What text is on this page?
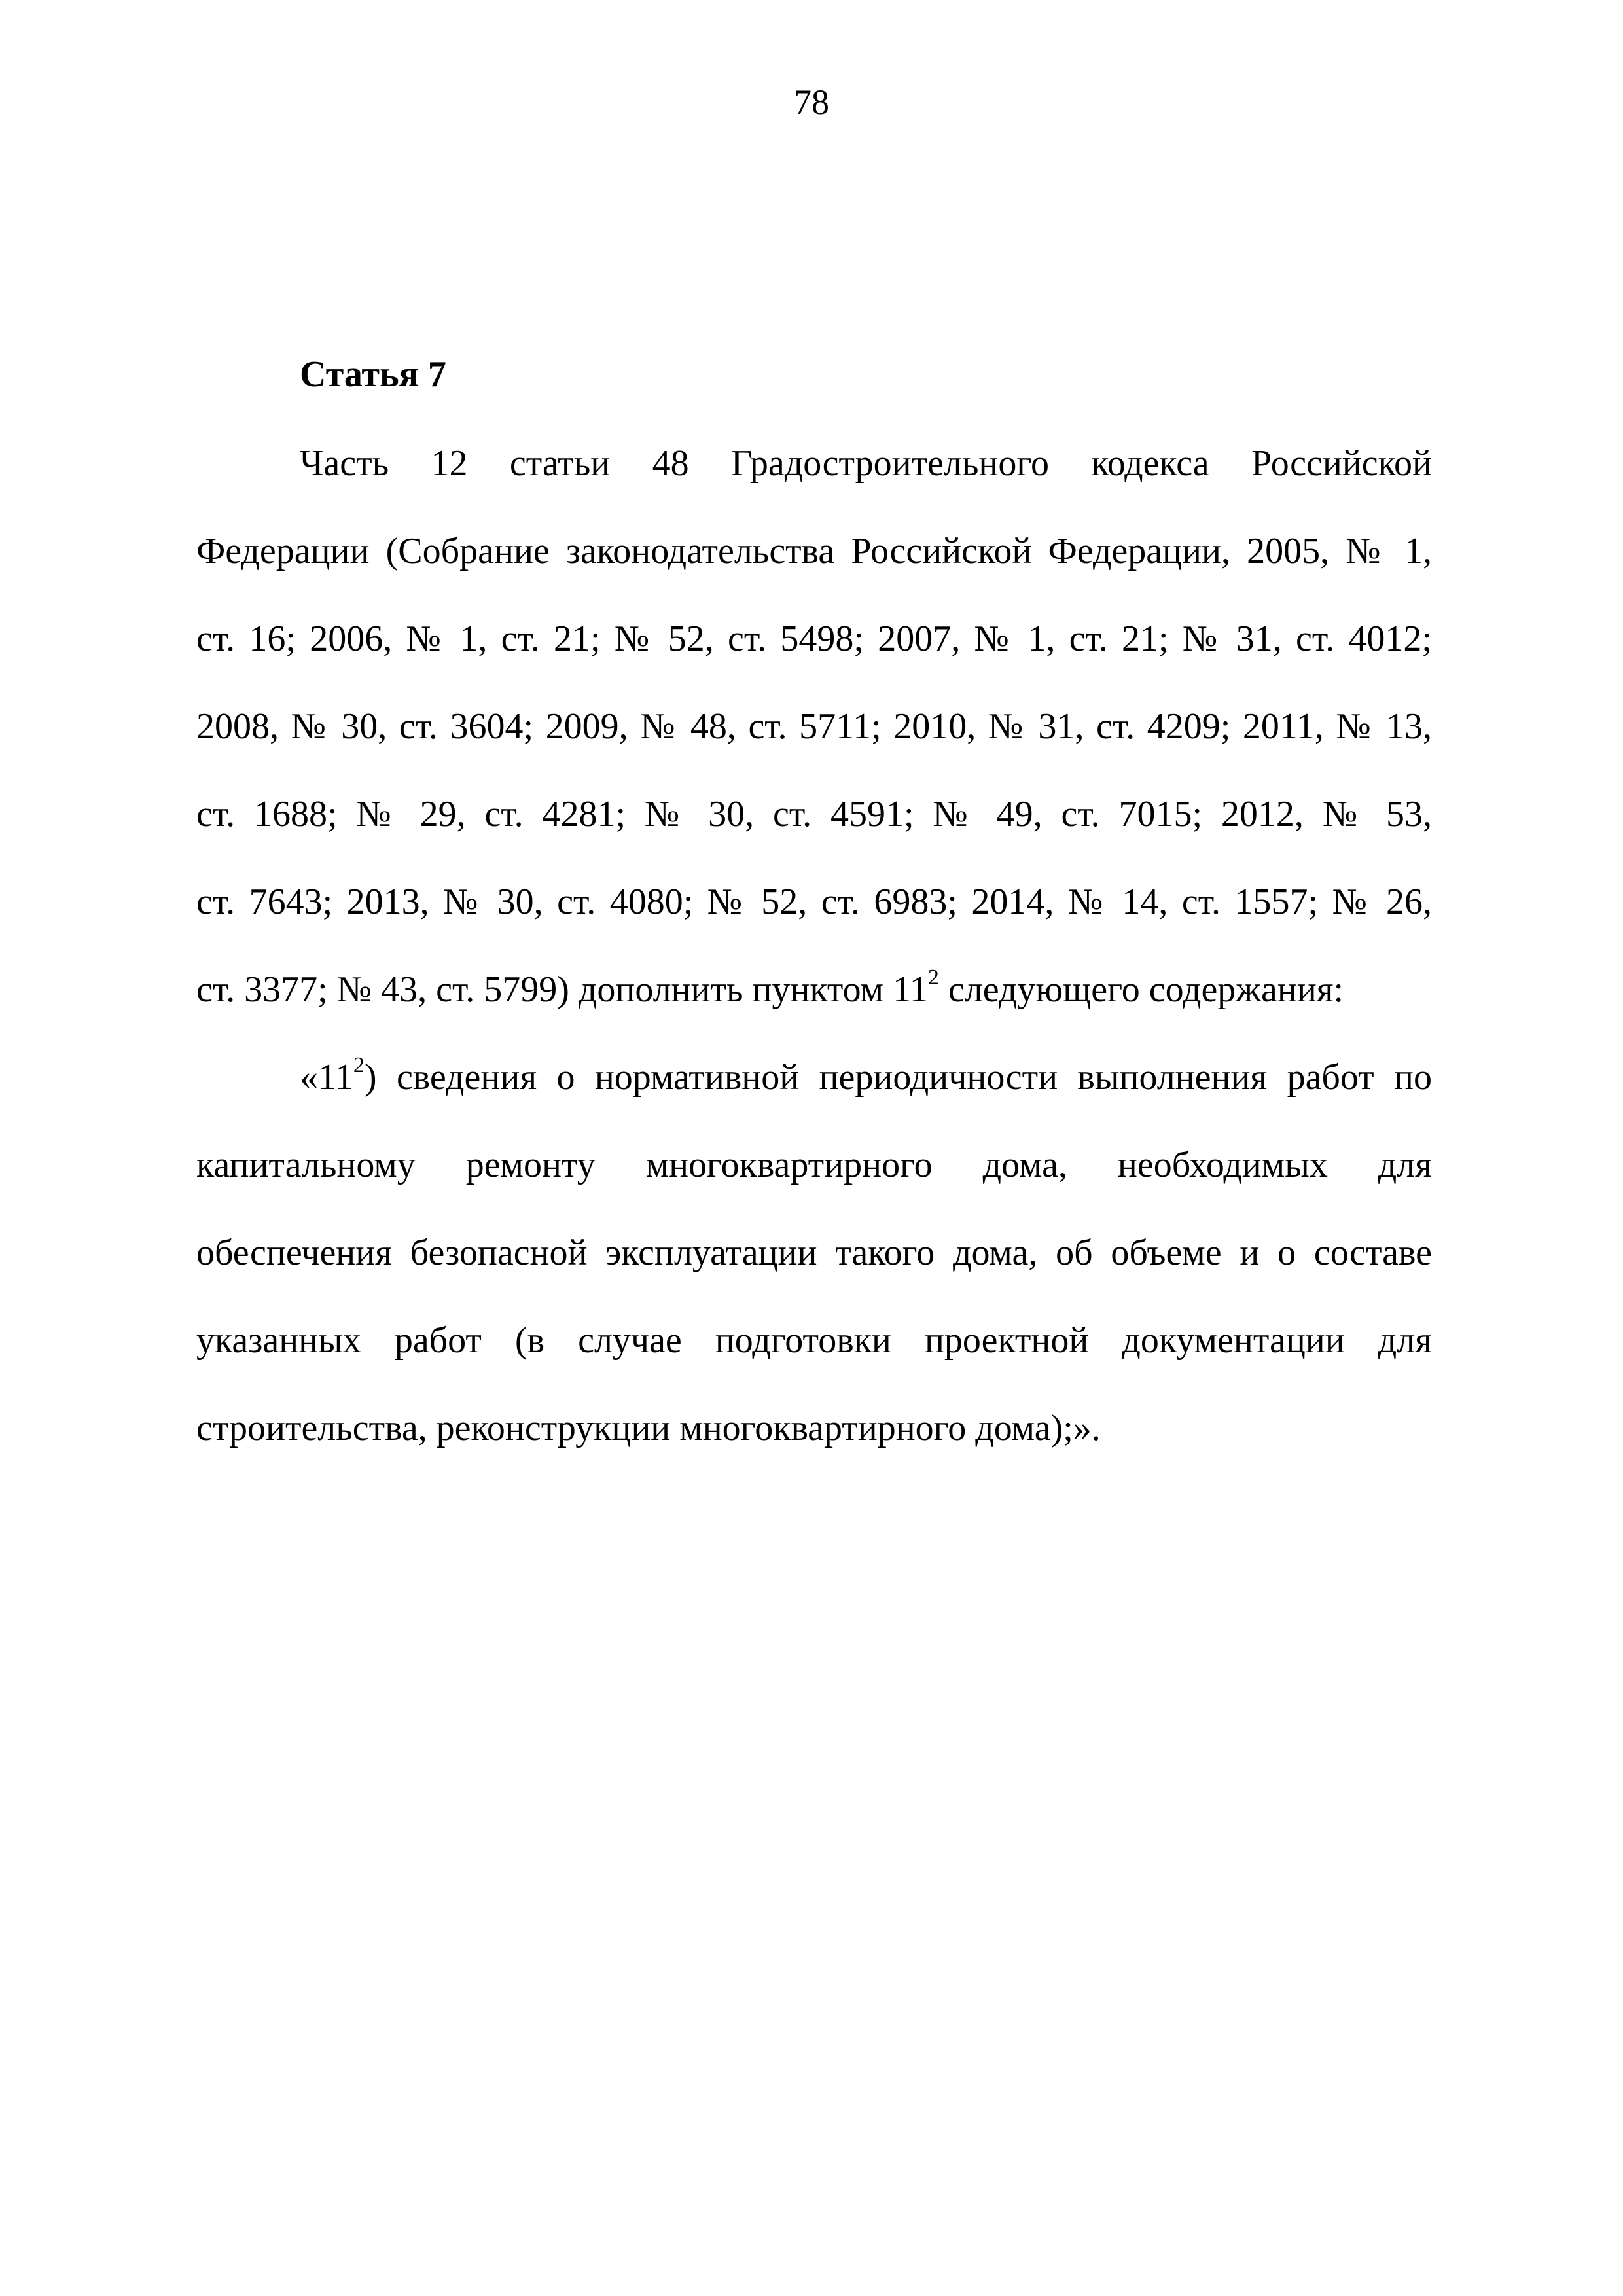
78
Статья 7
Часть 12 статьи 48 Градостроительного кодекса Российской
Федерации (Собрание законодательства Российской Федерации, 2005, № 1,
ст. 16; 2006, № 1, ст. 21; № 52, ст. 5498; 2007, № 1, ст. 21; № 31, ст. 4012;
2008, № 30, ст. 3604; 2009, № 48, ст. 5711; 2010, № 31, ст. 4209; 2011, № 13,
ст. 1688; № 29, ст. 4281; № 30, ст. 4591; № 49, ст. 7015; 2012, № 53,
ст. 7643; 2013, № 30, ст. 4080; № 52, ст. 6983; 2014, № 14, ст. 1557; № 26,
ст. 3377; № 43, ст. 5799) дополнить пунктом $11^2$ следующего содержания:
«$11^2$) сведения о нормативной периодичности выполнения работ по
капитальному ремонту многоквартирного дома, необходимых для
обеспечения безопасной эксплуатации такого дома, об объеме и о составе
указанных работ (в случае подготовки проектной документации для
строительства, реконструкции многоквартирного дома);».
